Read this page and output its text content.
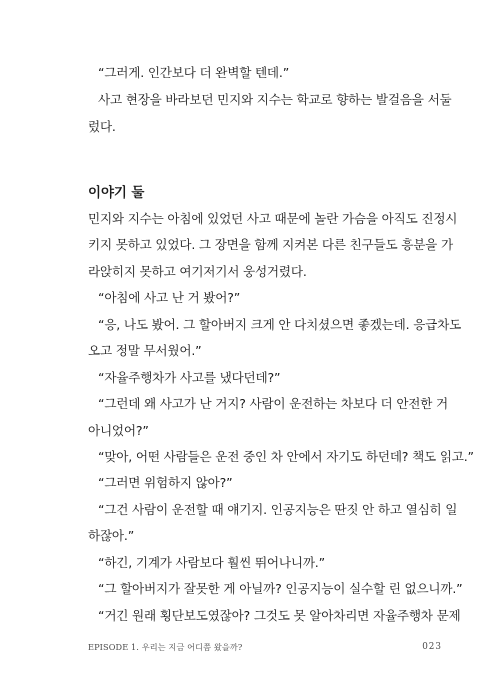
“그러게. 인간보다 더 완벽할 텐데.”
사고 현장을 바라보던 민지와 지수는 학교로 향하는 발걸음을 서둘
렀다.
이야기 둘
민지와 지수는 아침에 있었던 사고 때문에 놀란 가슴을 아직도 진정시
키지 못하고 있었다. 그 장면을 함께 지켜본 다른 친구들도 흥분을 가
라앉히지 못하고 여기저기서 웅성거렸다.
“아침에 사고 난 거 봤어?”
“응, 나도 봤어. 그 할아버지 크게 안 다치셨으면 좋겠는데. 응급차도
오고 정말 무서웠어.”
“자율주행차가 사고를 냈다던데?”
“그런데 왜 사고가 난 거지? 사람이 운전하는 차보다 더 안전한 거
아니었어?”
“맞아, 어떤 사람들은 운전 중인 차 안에서 자기도 하던데? 책도 읽고.”
“그러면 위험하지 않아?”
“그건 사람이 운전할 때 얘기지. 인공지능은 딴짓 안 하고 열심히 일
하잖아.”
“하긴, 기계가 사람보다 훨씬 뛰어나니까.”
“그 할아버지가 잘못한 게 아닐까? 인공지능이 실수할 린 없으니까.”
“거긴 원래 횡단보도였잖아? 그것도 못 알아차리면 자율주행차 문제
EPISODE 1. 우리는 지금 어디쯤 왔을까?	023
